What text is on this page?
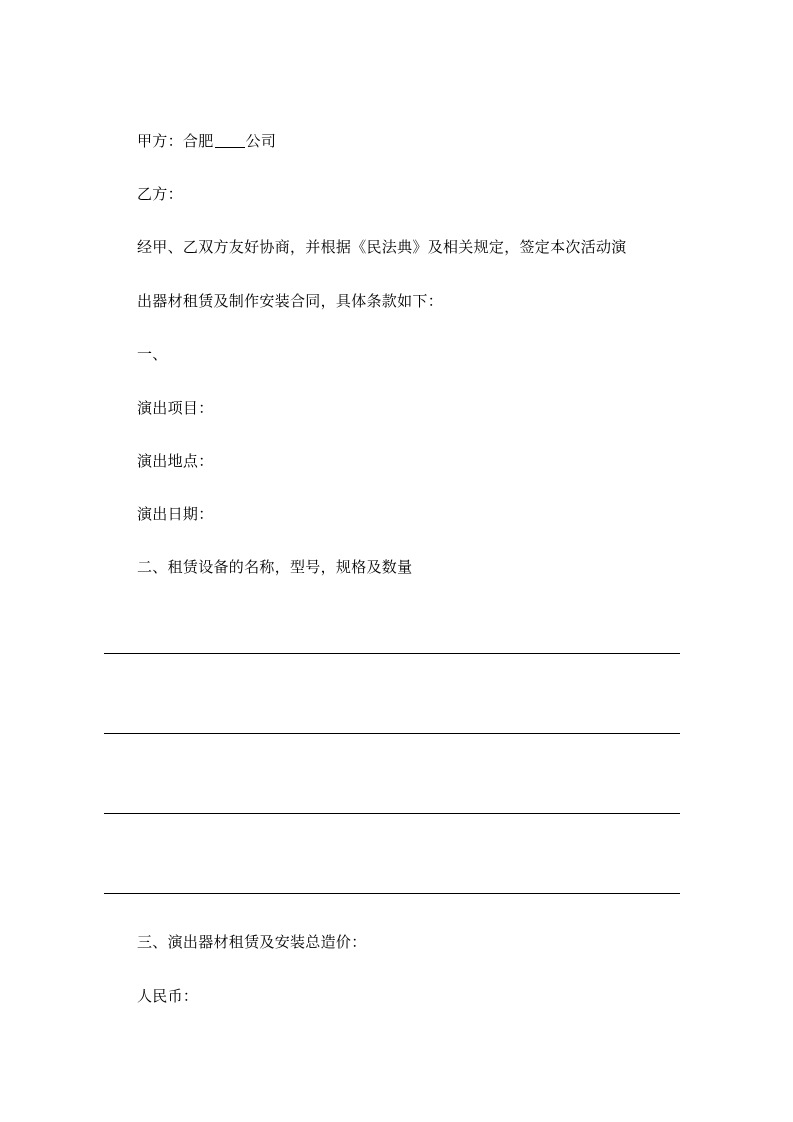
甲方：合肥 公司
乙方：
经甲、乙双方友好协商，并根据《民法典》及相关规定，签定本次活动演
出器材租赁及制作安装合同，具体条款如下：
一、
演出项目：
演出地点：
演出日期：
二、租赁设备的名称，型号，规格及数量
三、演出器材租赁及安装总造价：
人民币：
